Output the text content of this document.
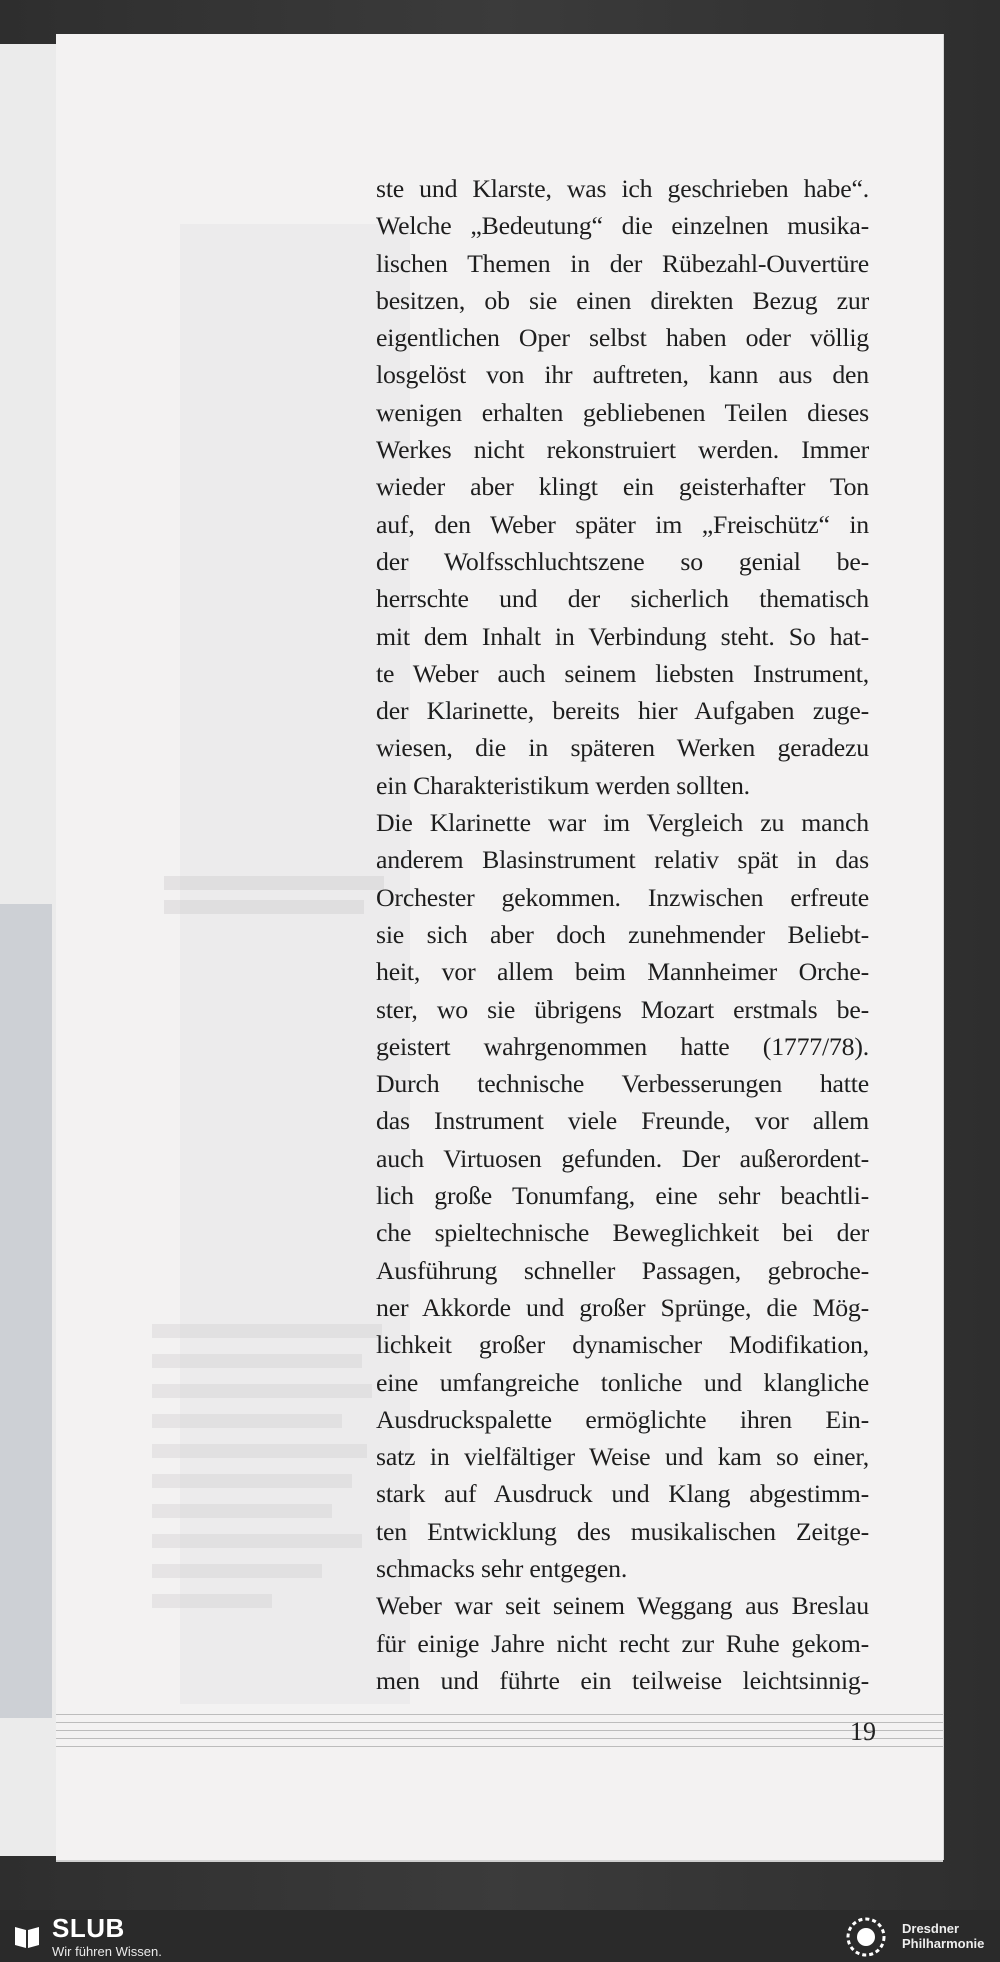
ste und Klarste, was ich geschrieben habe“.
Welche „Bedeutung“ die einzelnen musika-
lischen Themen in der Rübezahl-Ouvertüre
besitzen, ob sie einen direkten Bezug zur
eigentlichen Oper selbst haben oder völlig
losgelöst von ihr auftreten, kann aus den
wenigen erhalten gebliebenen Teilen dieses
Werkes nicht rekonstruiert werden. Immer
wieder aber klingt ein geisterhafter Ton
auf, den Weber später im „Freischütz“ in
der Wolfsschluchtszene so genial be-
herrschte und der sicherlich thematisch
mit dem Inhalt in Verbindung steht. So hat-
te Weber auch seinem liebsten Instrument,
der Klarinette, bereits hier Aufgaben zuge-
wiesen, die in späteren Werken geradezu
ein Charakteristikum werden sollten.
Die Klarinette war im Vergleich zu manch
anderem Blasinstrument relativ spät in das
Orchester gekommen. Inzwischen erfreute
sie sich aber doch zunehmender Beliebt-
heit, vor allem beim Mannheimer Orche-
ster, wo sie übrigens Mozart erstmals be-
geistert wahrgenommen hatte (1777/78).
Durch technische Verbesserungen hatte
das Instrument viele Freunde, vor allem
auch Virtuosen gefunden. Der außerordent-
lich große Tonumfang, eine sehr beachtli-
che spieltechnische Beweglichkeit bei der
Ausführung schneller Passagen, gebroche-
ner Akkorde und großer Sprünge, die Mög-
lichkeit großer dynamischer Modifikation,
eine umfangreiche tonliche und klangliche
Ausdruckspalette ermöglichte ihren Ein-
satz in vielfältiger Weise und kam so einer,
stark auf Ausdruck und Klang abgestimm-
ten Entwicklung des musikalischen Zeitge-
schmacks sehr entgegen.
Weber war seit seinem Weggang aus Breslau
für einige Jahre nicht recht zur Ruhe gekom-
men und führte ein teilweise leichtsinnig-
19
SLUB
Wir führen Wissen.
Dresdner
Philharmonie
